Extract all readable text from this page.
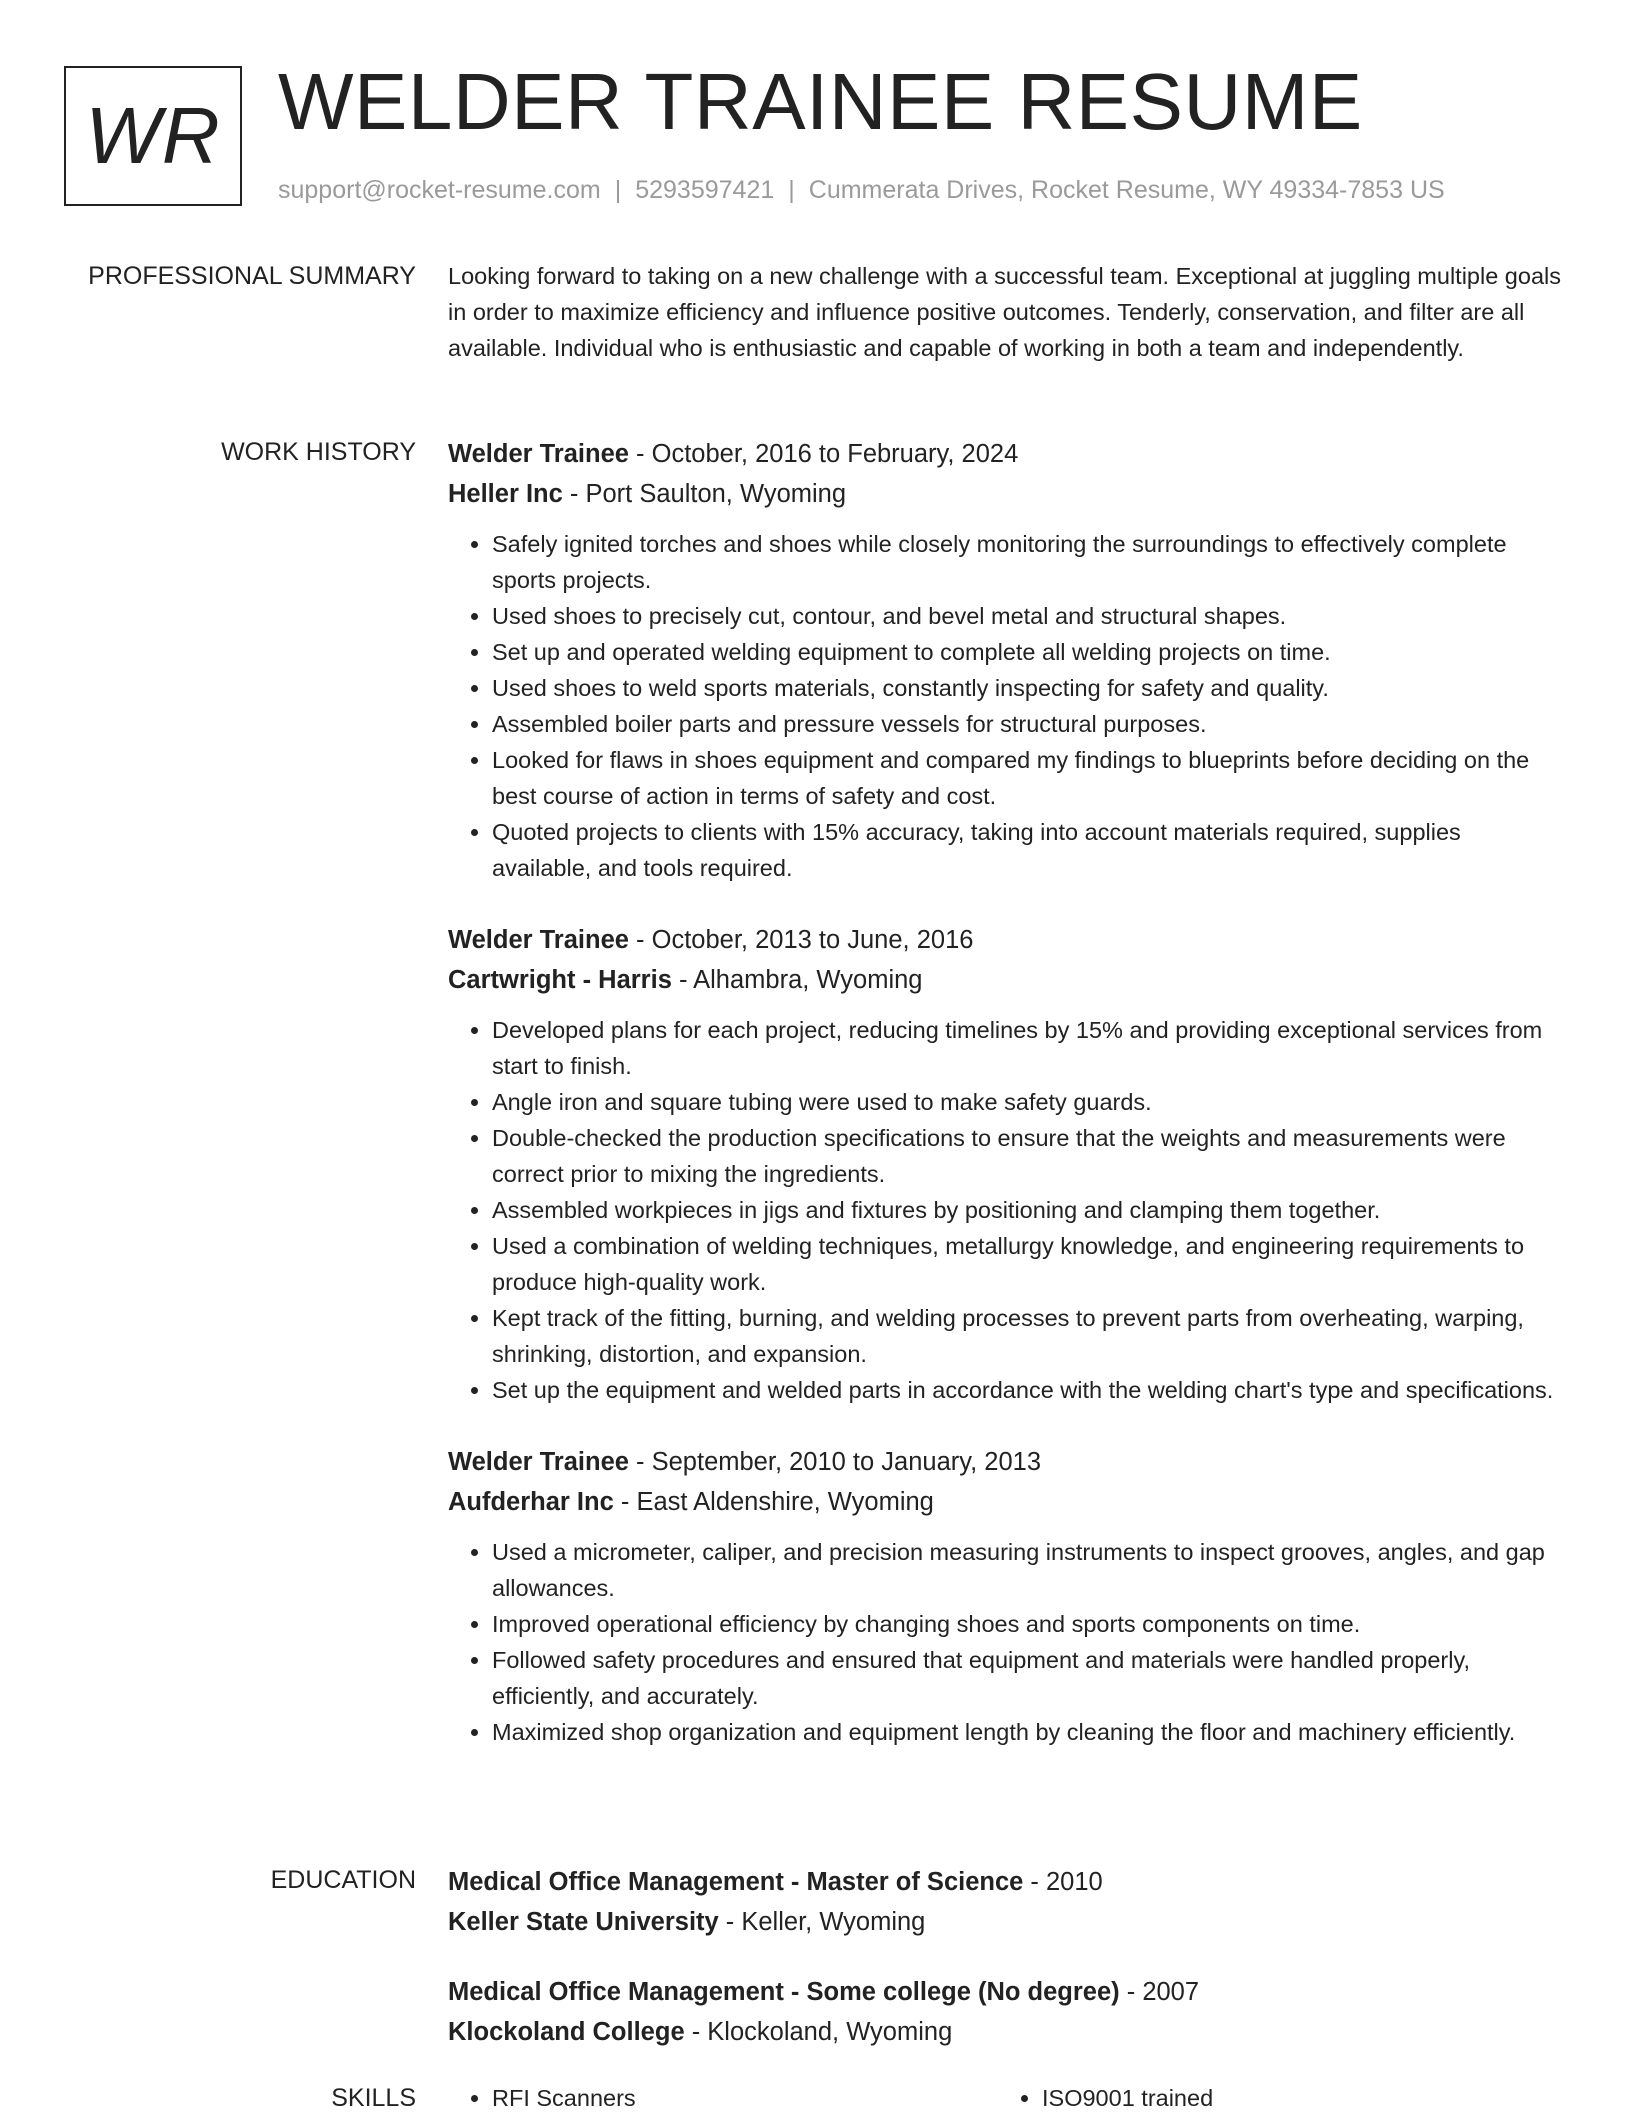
WR WELDER TRAINEE RESUME
support@rocket-resume.com | 5293597421 | Cummerata Drives, Rocket Resume, WY 49334-7853 US
PROFESSIONAL SUMMARY Looking forward to taking on a new challenge with a successful team. Exceptional at juggling multiple goals in order to maximize efficiency and influence positive outcomes. Tenderly, conservation, and filter are all available. Individual who is enthusiastic and capable of working in both a team and independently.
WORK HISTORY Welder Trainee - October, 2016 to February, 2024
Heller Inc - Port Saulton, Wyoming
• Safely ignited torches and shoes while closely monitoring the surroundings to effectively complete sports projects.
• Used shoes to precisely cut, contour, and bevel metal and structural shapes.
• Set up and operated welding equipment to complete all welding projects on time.
• Used shoes to weld sports materials, constantly inspecting for safety and quality.
• Assembled boiler parts and pressure vessels for structural purposes.
• Looked for flaws in shoes equipment and compared my findings to blueprints before deciding on the best course of action in terms of safety and cost.
• Quoted projects to clients with 15% accuracy, taking into account materials required, supplies available, and tools required.
Welder Trainee - October, 2013 to June, 2016
Cartwright - Harris - Alhambra, Wyoming
• Developed plans for each project, reducing timelines by 15% and providing exceptional services from start to finish.
• Angle iron and square tubing were used to make safety guards.
• Double-checked the production specifications to ensure that the weights and measurements were correct prior to mixing the ingredients.
• Assembled workpieces in jigs and fixtures by positioning and clamping them together.
• Used a combination of welding techniques, metallurgy knowledge, and engineering requirements to produce high-quality work.
• Kept track of the fitting, burning, and welding processes to prevent parts from overheating, warping, shrinking, distortion, and expansion.
• Set up the equipment and welded parts in accordance with the welding chart's type and specifications.
Welder Trainee - September, 2010 to January, 2013
Aufderhar Inc - East Aldenshire, Wyoming
• Used a micrometer, caliper, and precision measuring instruments to inspect grooves, angles, and gap allowances.
• Improved operational efficiency by changing shoes and sports components on time.
• Followed safety procedures and ensured that equipment and materials were handled properly, efficiently, and accurately.
• Maximized shop organization and equipment length by cleaning the floor and machinery efficiently.
EDUCATION Medical Office Management - Master of Science - 2010
Keller State University - Keller, Wyoming
Medical Office Management - Some college (No degree) - 2007
Klockoland College - Klockoland, Wyoming
SKILLS	• RFI Scanners	• ISO9001 trained
